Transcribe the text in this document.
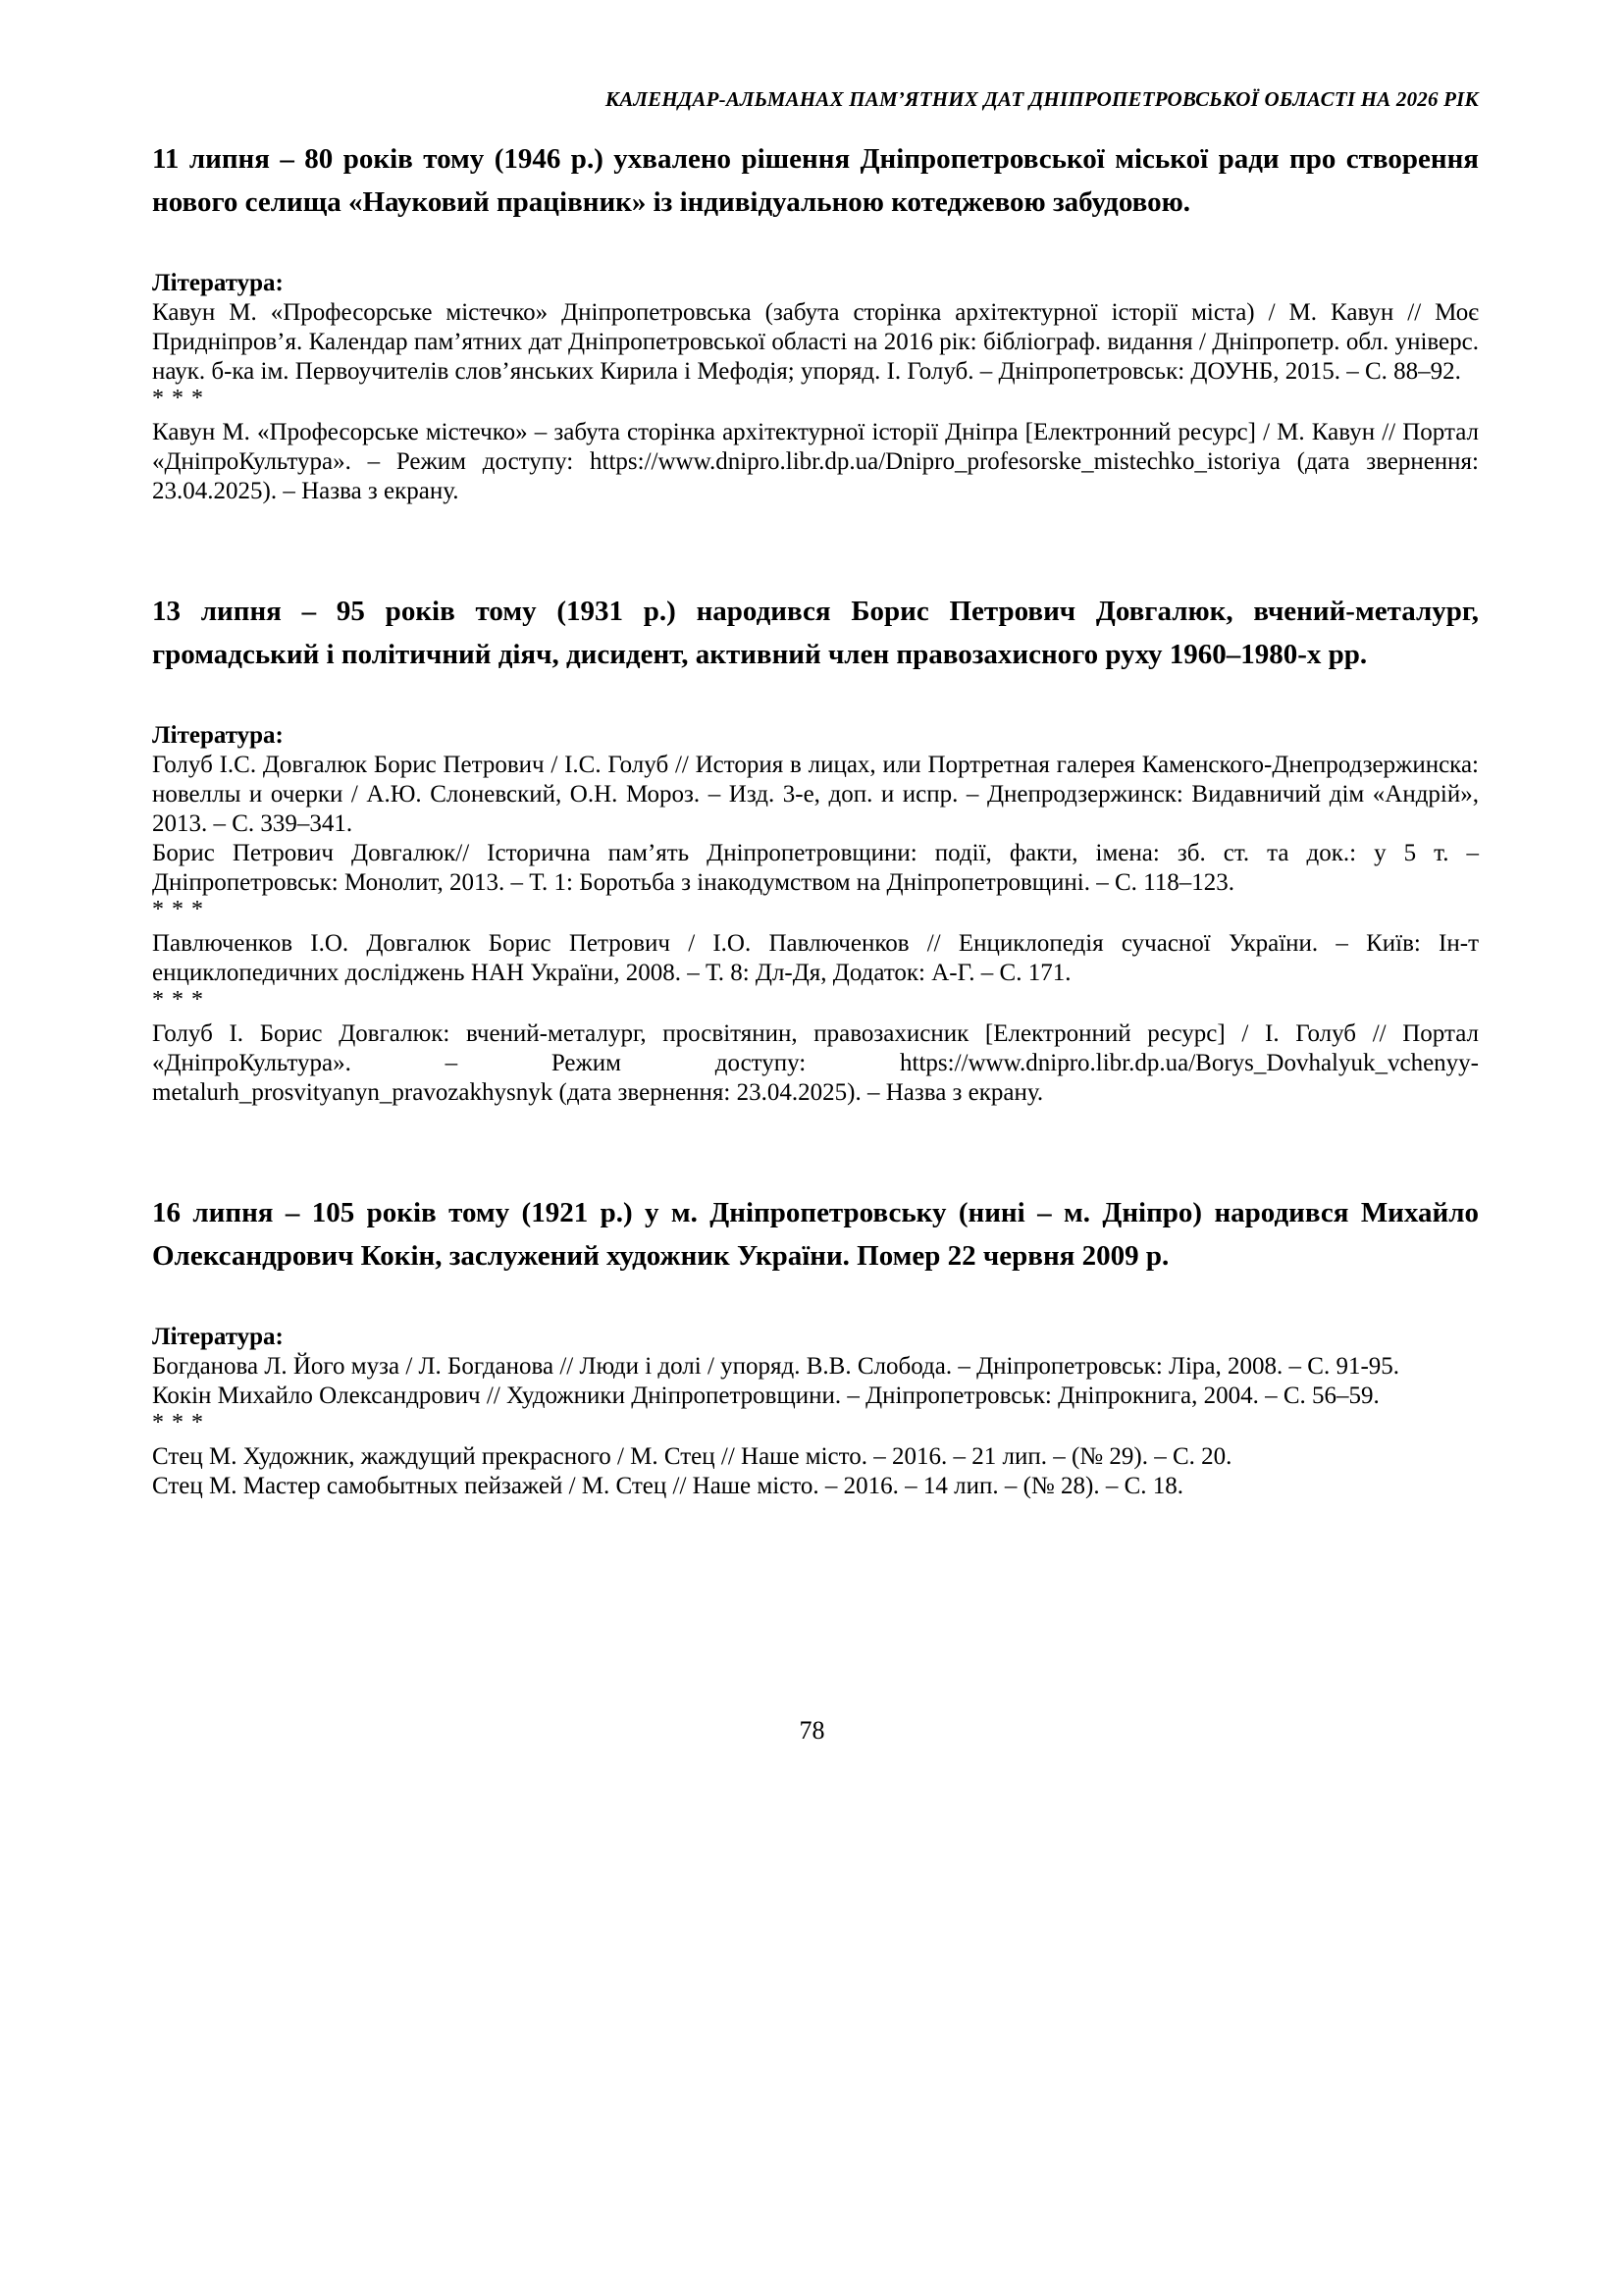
КАЛЕНДАР-АЛЬМАНАХ ПАМ’ЯТНИХ ДАТ ДНІПРОПЕТРОВСЬКОЇ ОБЛАСТІ НА 2026 РІК
11 липня – 80 років тому (1946 р.) ухвалено рішення Дніпропетровської міської ради про створення нового селища «Науковий працівник» із індивідуальною котеджевою забудовою.

Література:

Кавун М. «Професорське містечко» Дніпропетровська (забута сторінка архітектурної історії міста) / М. Кавун // Моє Придніпров’я. Календар пам’ятних дат Дніпропетровської області на 2016 рік: бібліограф. видання / Дніпропетр. обл. універс. наук. б-ка ім. Первоучителів слов’янських Кирила і Мефодія; упоряд. І. Голуб. – Дніпропетровськ: ДОУНБ, 2015. – С. 88–92.

* * *

Кавун М. «Професорське містечко» – забута сторінка архітектурної історії Дніпра [Електронний ресурс] / М. Кавун // Портал «ДніпроКультура». – Режим доступу: https://www.dnipro.libr.dp.ua/Dnipro_profesorske_mistechko_istoriya (дата звернення: 23.04.2025). – Назва з екрану.

13 липня – 95 років тому (1931 р.) народився Борис Петрович Довгалюк, вчений-металург, громадський і політичний діяч, дисидент, активний член правозахисного руху 1960–1980-х рр.

Література:

Голуб І.С. Довгалюк Борис Петрович / І.С. Голуб // История в лицах, или Портретная галерея Каменского-Днепродзержинска: новеллы и очерки / А.Ю. Слоневский, О.Н. Мороз. – Изд. 3-е, доп. и испр. – Днепродзержинск: Видавничий дім «Андрій», 2013. – С. 339–341.

Борис Петрович Довгалюк// Історична пам’ять Дніпропетровщини: події, факти, імена: зб. ст. та док.: у 5 т. – Дніпропетровськ: Монолит, 2013. – Т. 1: Боротьба з інакодумством на Дніпропетровщині. – С. 118–123.

* * *

Павлюченков І.О. Довгалюк Борис Петрович / І.О. Павлюченков // Енциклопедія сучасної України. – Київ: Ін-т енциклопедичних досліджень НАН України, 2008. – Т. 8: Дл-Дя, Додаток: А-Г. – С. 171.

* * *

Голуб І. Борис Довгалюк: вчений-металург, просвітянин, правозахисник [Електронний ресурс] / І. Голуб // Портал «ДніпроКультура». – Режим доступу: https://www.dnipro.libr.dp.ua/Borys_Dovhalyuk_vchenyy-metalurh_prosvityanyn_pravozakhysnyk (дата звернення: 23.04.2025). – Назва з екрану.

16 липня – 105 років тому (1921 р.) у м. Дніпропетровську (нині – м. Дніпро) народився Михайло Олександрович Кокін, заслужений художник України. Помер 22 червня 2009 р.

Література:

Богданова Л. Його муза / Л. Богданова // Люди і долі / упоряд. В.В. Слобода. – Дніпропетровськ: Ліра, 2008. – С. 91-95.

Кокін Михайло Олександрович // Художники Дніпропетровщини. – Дніпропетровськ: Дніпрокнига, 2004. – С. 56–59.

* * *

Стец М. Художник, жаждущий прекрасного / М. Стец // Наше місто. – 2016. – 21 лип. – (№ 29). – С. 20.

Стец М. Мастер самобытных пейзажей / М. Стец // Наше місто. – 2016. – 14 лип. – (№ 28). – С. 18.

78
